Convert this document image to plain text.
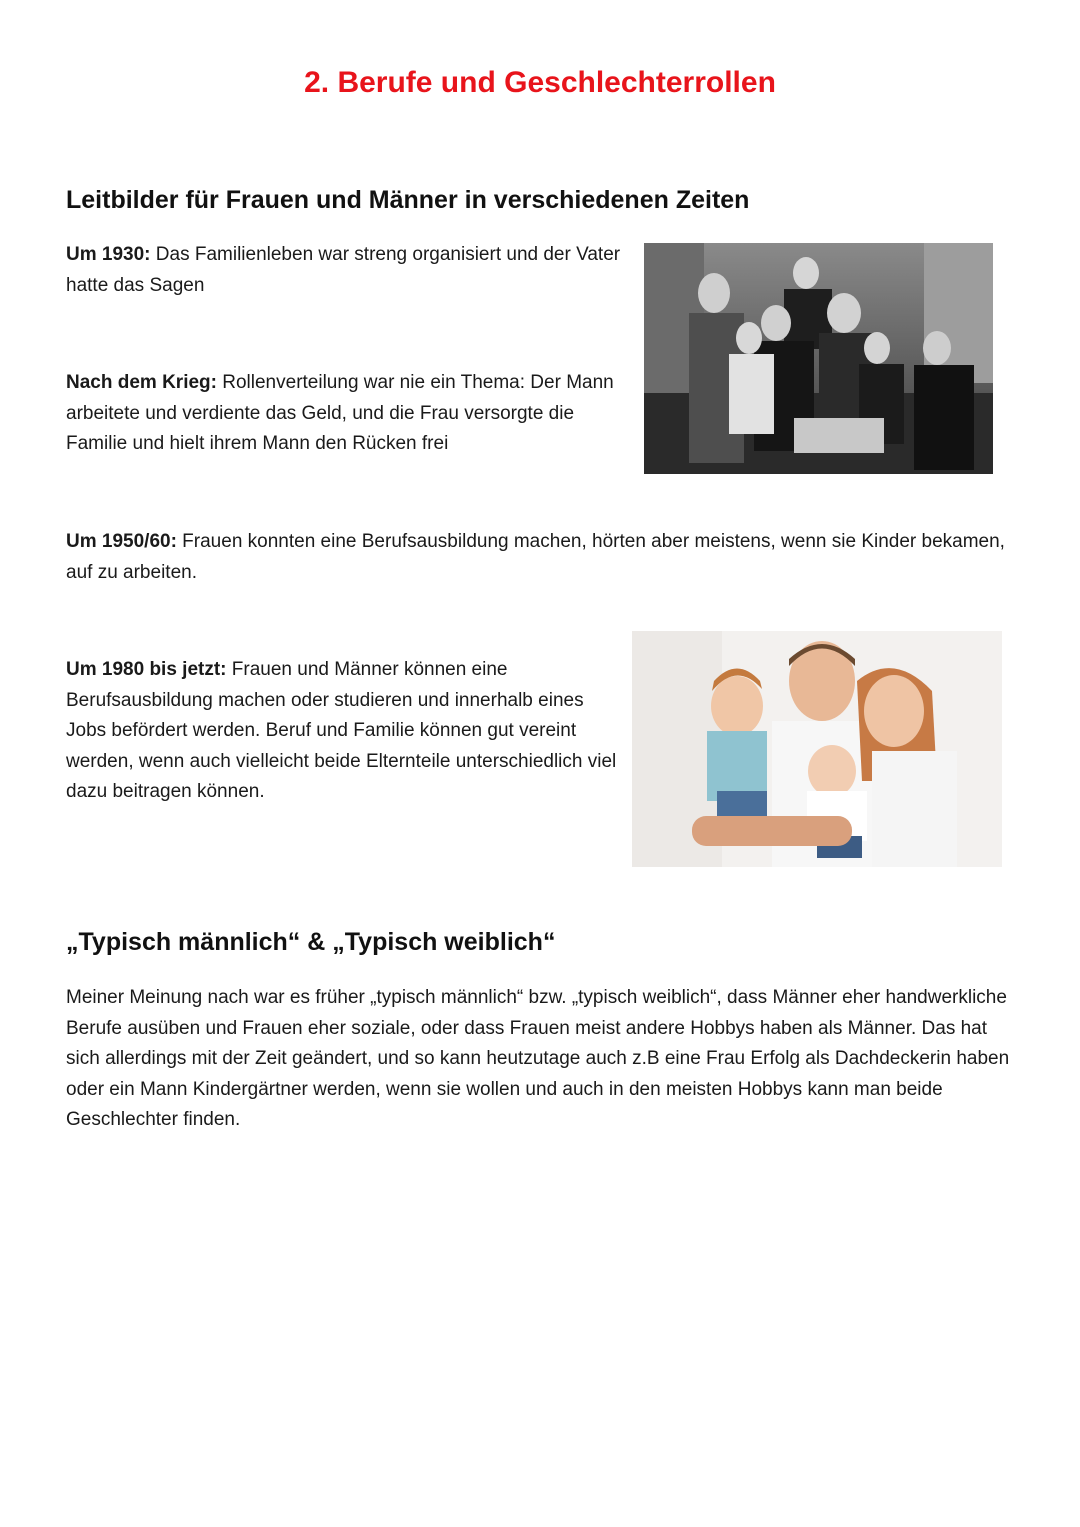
2. Berufe und Geschlechterrollen
Leitbilder für Frauen und Männer in verschiedenen Zeiten

Um 1930: Das Familienleben war streng organisiert und der Vater hatte das Sagen

Nach dem Krieg: Rollenverteilung war nie ein Thema: Der Mann arbeitete und verdiente das Geld, und die Frau versorgte die Familie und hielt ihrem Mann den Rücken frei

Um 1950/60: Frauen konnten eine Berufsausbildung machen, hörten aber meistens, wenn sie Kinder bekamen, auf zu arbeiten.

Um 1980 bis jetzt: Frauen und Männer können eine Berufsausbildung machen oder studieren und innerhalb eines Jobs befördert werden. Beruf und Familie können gut vereint werden, wenn auch vielleicht beide Elternteile unterschiedlich viel dazu beitragen können.

„Typisch männlich“ & „Typisch weiblich“

Meiner Meinung nach war es früher „typisch männlich“ bzw. „typisch weiblich“, dass Männer eher handwerkliche Berufe ausüben und Frauen eher soziale, oder dass Frauen meist andere Hobbys haben als Männer. Das hat sich allerdings mit der Zeit geändert, und so kann heutzutage auch z.B eine Frau Erfolg als Dachdeckerin haben oder ein Mann Kindergärtner werden, wenn sie wollen und auch in den meisten Hobbys kann man beide Geschlechter finden.
